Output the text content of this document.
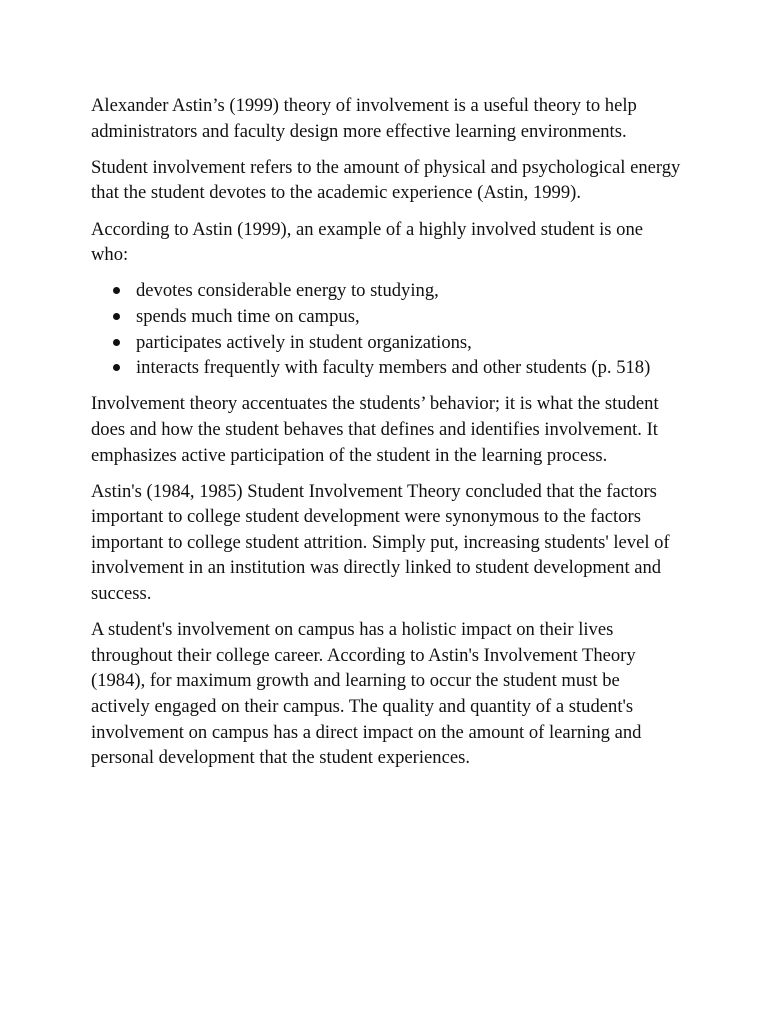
Alexander Astin’s (1999) theory of involvement is a useful theory to help administrators and faculty design more effective learning environments.

Student involvement refers to the amount of physical and psychological energy that the student devotes to the academic experience (Astin, 1999).

According to Astin (1999), an example of a highly involved student is one who:

devotes considerable energy to studying,
spends much time on campus,
participates actively in student organizations,
interacts frequently with faculty members and other students (p. 518)

Involvement theory accentuates the students’ behavior; it is what the student does and how the student behaves that defines and identifies involvement. It emphasizes active participation of the student in the learning process.

Astin's (1984, 1985) Student Involvement Theory concluded that the factors important to college student development were synonymous to the factors important to college student attrition. Simply put, increasing students' level of involvement in an institution was directly linked to student development and success.

A student's involvement on campus has a holistic impact on their lives throughout their college career. According to Astin's Involvement Theory (1984), for maximum growth and learning to occur the student must be actively engaged on their campus. The quality and quantity of a student's involvement on campus has a direct impact on the amount of learning and personal development that the student experiences.
